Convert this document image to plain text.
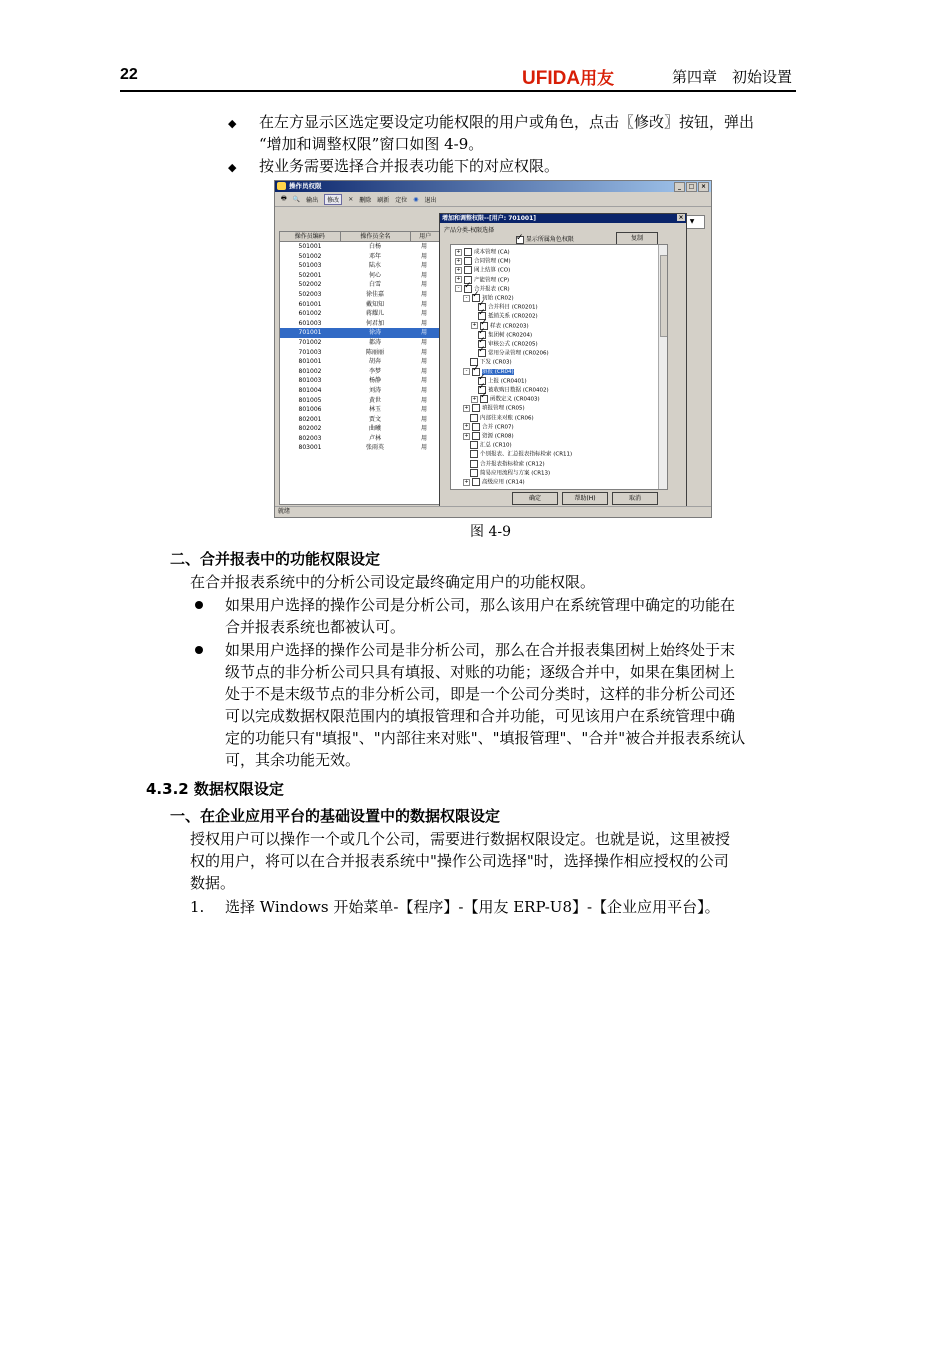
22	UFIDA用友	第四章　初始设置
◆ 在左方显示区选定要设定功能权限的用户或角色，点击〖修改〗按钮，弹出
“增加和调整权限”窗口如图 4-9。
◆ 按业务需要选择合并报表功能下的对应权限。
操作员权限	_	□	×
🖶 🔍 输出	修改	✕ 删除 刷新 定位 ◉ 退出
▼
操作员编码	操作员全名	用户
501001	白杨	用
501002	邓年	用
501003	陆水	用
502001	何心	用
502002	白雪	用
502003	徐佳嘉	用
601001	戴知知	用
601002	蒋耀儿	用
601003	何君加	用
701001	徐涛	用
701002	都涛	用
701003	陈丽丽	用
801001	胡奔	用
801002	李梦	用
801003	杨静	用
801004	刘涛	用
801005	黄世	用
801006	林玉	用
802001	贾文	用
802002	曲曦	用
802003	卢林	用
803001	张雨英	用
增加和调整权限--[用户: 701001]	×
产品分类-权限选择
✓ 显示所属角色权限	复制
+ 成本管理 (CA)
+ 合同管理 (CM)
+ 网上结算 (CO)
+ 产能管理 (CP)
- ✓	合并报表 (CR)
- ✓	初始 (CR02)
✓合并科目 (CR0201)
✓抵销关系 (CR0202)
+ ✓ 样表 (CR0203)
✓集团树 (CR0204)
✓审核公式 (CR0205)
✓常用分录管理 (CR0206)
下发 (CR03)
- ✓	填报 (CR04)
✓上报 (CR0401)
✓被收购日数据 (CR0402)
+ ✓ 函数定义 (CR0403)
+ 填报管理 (CR05)
内部往来对账 (CR06)
+ 合并 (CR07)
+ 资源 (CR08)
汇总 (CR10)
个别报表、汇总报表指标检索 (CR11)
合并报表指标检索 (CR12)
简易应用流程与方案 (CR13)
+ 高级应用 (CR14)
确定	帮助(H)	取消
就绪
图 4-9
二、合并报表中的功能权限设定
在合并报表系统中的分析公司设定最终确定用户的功能权限。
如果用户选择的操作公司是分析公司，那么该用户在系统管理中确定的功能在
合并报表系统也都被认可。
如果用户选择的操作公司是非分析公司，那么在合并报表集团树上始终处于末
级节点的非分析公司只具有填报、对账的功能；逐级合并中，如果在集团树上
处于不是末级节点的非分析公司，即是一个公司分类时，这样的非分析公司还
可以完成数据权限范围内的填报管理和合并功能，可见该用户在系统管理中确
定的功能只有"填报"、"内部往来对账"、"填报管理"、"合并"被合并报表系统认
可，其余功能无效。
4.3.2 数据权限设定
一、在企业应用平台的基础设置中的数据权限设定
授权用户可以操作一个或几个公司，需要进行数据权限设定。也就是说，这里被授
权的用户，将可以在合并报表系统中"操作公司选择"时，选择操作相应授权的公司
数据。
1. 选择 Windows 开始菜单-【程序】-【用友 ERP-U8】-【企业应用平台】。
